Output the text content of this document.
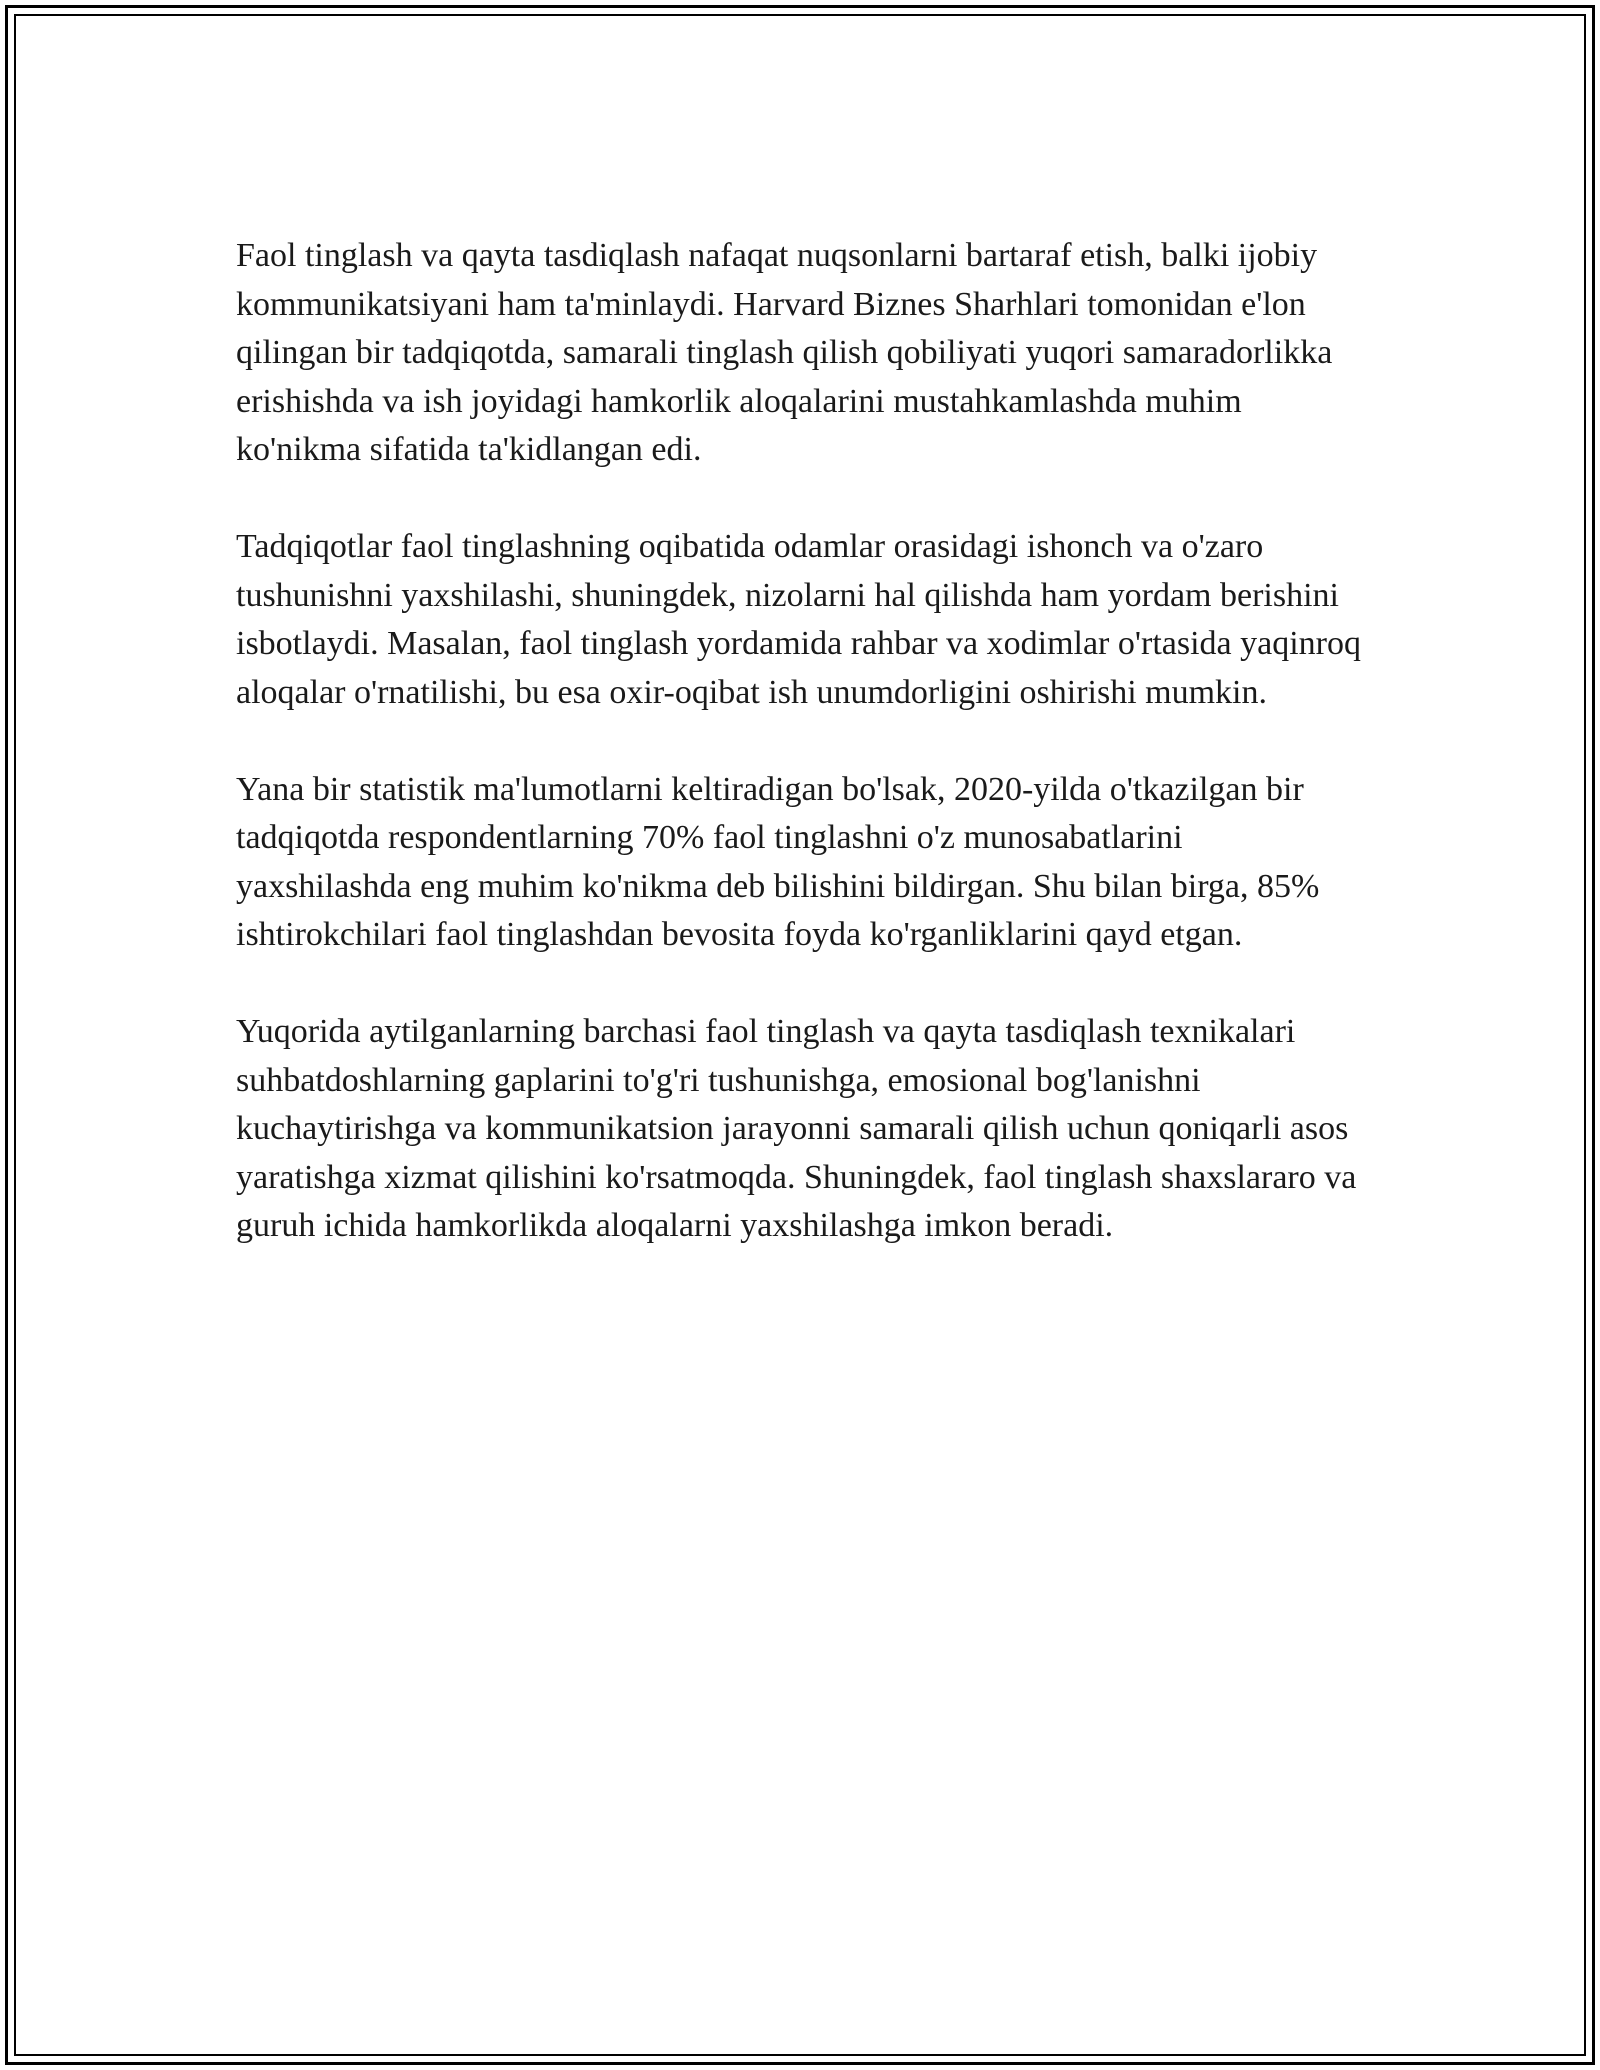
Faol tinglash va qayta tasdiqlash nafaqat nuqsonlarni bartaraf etish, balki ijobiy kommunikatsiyani ham ta'minlaydi. Harvard Biznes Sharhlari tomonidan e'lon qilingan bir tadqiqotda, samarali tinglash qilish qobiliyati yuqori samaradorlikka erishishda va ish joyidagi hamkorlik aloqalarini mustahkamlashda muhim ko'nikma sifatida ta'kidlangan edi.

Tadqiqotlar faol tinglashning oqibatida odamlar orasidagi ishonch va o'zaro tushunishni yaxshilashi, shuningdek, nizolarni hal qilishda ham yordam berishini isbotlaydi. Masalan, faol tinglash yordamida rahbar va xodimlar o'rtasida yaqinroq aloqalar o'rnatilishi, bu esa oxir-oqibat ish unumdorligini oshirishi mumkin.

Yana bir statistik ma'lumotlarni keltiradigan bo'lsak, 2020-yilda o'tkazilgan bir tadqiqotda respondentlarning 70% faol tinglashni o'z munosabatlarini yaxshilashda eng muhim ko'nikma deb bilishini bildirgan. Shu bilan birga, 85% ishtirokchilari faol tinglashdan bevosita foyda ko'rganliklarini qayd etgan.

Yuqorida aytilganlarning barchasi faol tinglash va qayta tasdiqlash texnikalari suhbatdoshlarning gaplarini to'g'ri tushunishga, emosional bog'lanishni kuchaytirishga va kommunikatsion jarayonni samarali qilish uchun qoniqarli asos yaratishga xizmat qilishini ko'rsatmoqda. Shuningdek, faol tinglash shaxslararo va guruh ichida hamkorlikda aloqalarni yaxshilashga imkon beradi.
